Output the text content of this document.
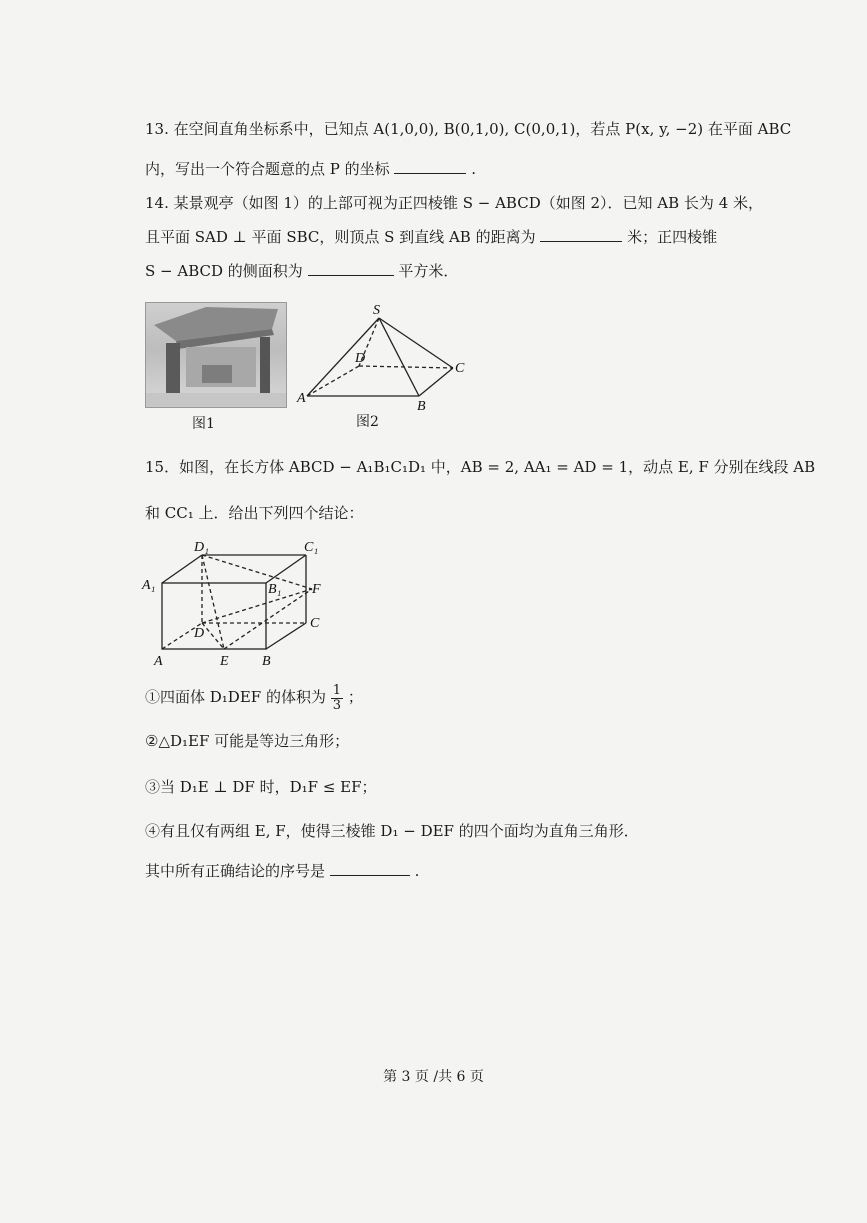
13. 在空间直角坐标系中，已知点 A(1,0,0), B(0,1,0), C(0,0,1)，若点 P(x, y, −2) 在平面 ABC
内，写出一个符合题意的点 P 的坐标	.
14. 某景观亭（如图 1）的上部可视为正四棱锥 S − ABCD（如图 2）．已知 AB 长为 4 米，
且平面 SAD ⊥ 平面 SBC，则顶点 S 到直线 AB 的距离为	米；正四棱锥
S − ABCD 的侧面积为	平方米．
图1
S
D
C
A
B
图2
15．如图，在长方体 ABCD − A₁B₁C₁D₁ 中，AB = 2, AA₁ = AD = 1，动点 E, F 分别在线段 AB
和 CC₁ 上．给出下列四个结论：
D₁	C₁
A₁	B₁ F
D
C
A	E B
①四面体 D₁DEF 的体积为 $\frac{1}{3}$ ；
②△D₁EF 可能是等边三角形；
③当 D₁E ⊥ DF 时，D₁F ≤ EF；
④有且仅有两组 E, F，使得三棱锥 D₁ − DEF 的四个面均为直角三角形．
其中所有正确结论的序号是	.
第 3 页 /共 6 页
